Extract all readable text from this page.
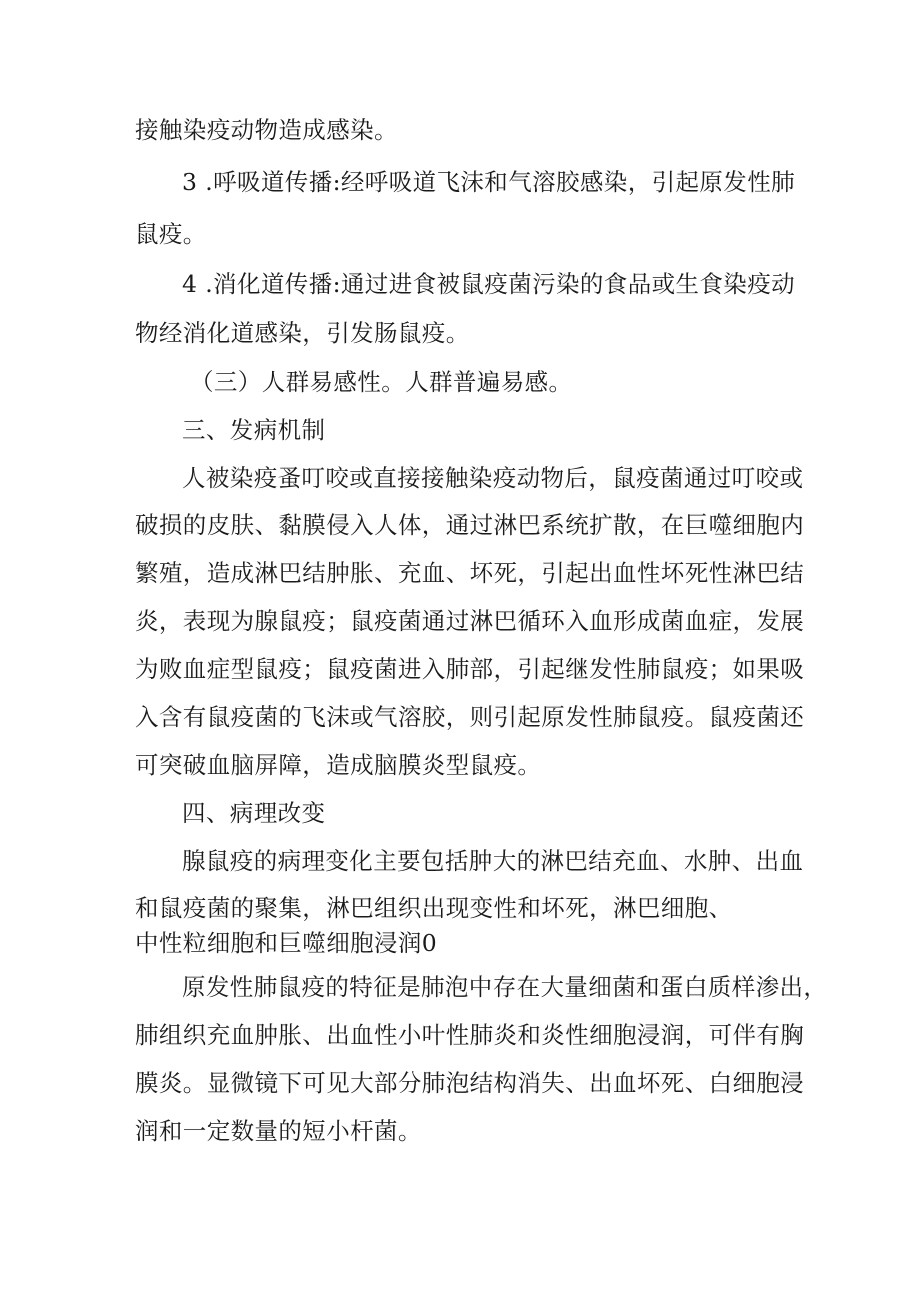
接触染疫动物造成感染。
3 .呼吸道传播:经呼吸道飞沫和气溶胶感染，引起原发性肺
鼠疫。
4 .消化道传播:通过进食被鼠疫菌污染的食品或生食染疫动
物经消化道感染，引发肠鼠疫。
（三）人群易感性。人群普遍易感。
三、发病机制
人被染疫蚤叮咬或直接接触染疫动物后，鼠疫菌通过叮咬或
破损的皮肤、黏膜侵入人体，通过淋巴系统扩散，在巨噬细胞内
繁殖，造成淋巴结肿胀、充血、坏死，引起出血性坏死性淋巴结
炎，表现为腺鼠疫；鼠疫菌通过淋巴循环入血形成菌血症，发展
为败血症型鼠疫；鼠疫菌进入肺部，引起继发性肺鼠疫；如果吸
入含有鼠疫菌的飞沫或气溶胶，则引起原发性肺鼠疫。鼠疫菌还
可突破血脑屏障，造成脑膜炎型鼠疫。
四、病理改变
腺鼠疫的病理变化主要包括肿大的淋巴结充血、水肿、出血
和鼠疫菌的聚集，淋巴组织出现变性和坏死，淋巴细胞、
中性粒细胞和巨噬细胞浸润0
原发性肺鼠疫的特征是肺泡中存在大量细菌和蛋白质样渗出，
肺组织充血肿胀、出血性小叶性肺炎和炎性细胞浸润，可伴有胸
膜炎。显微镜下可见大部分肺泡结构消失、出血坏死、白细胞浸
润和一定数量的短小杆菌。
